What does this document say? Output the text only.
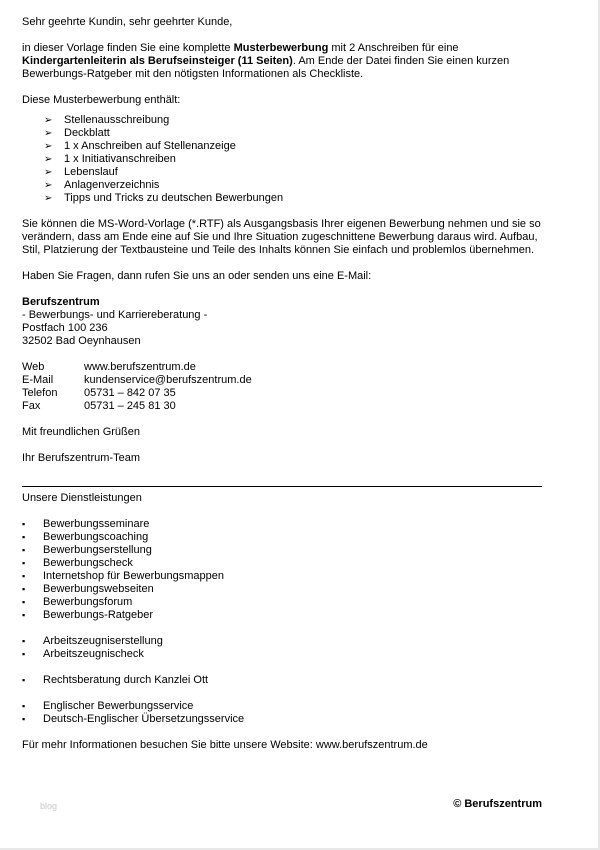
Sehr geehrte Kundin, sehr geehrter Kunde,

in dieser Vorlage finden Sie eine komplette Musterbewerbung mit 2 Anschreiben für eine Kindergartenleiterin als Berufseinsteiger (11 Seiten). Am Ende der Datei finden Sie einen kurzen Bewerbungs-Ratgeber mit den nötigsten Informationen als Checkliste.

Diese Musterbewerbung enthält:

➢ Stellenausschreibung
➢ Deckblatt
➢ 1 x Anschreiben auf Stellenanzeige
➢ 1 x Initiativanschreiben
➢ Lebenslauf
➢ Anlagenverzeichnis
➢ Tipps und Tricks zu deutschen Bewerbungen

Sie können die MS-Word-Vorlage (*.RTF) als Ausgangsbasis Ihrer eigenen Bewerbung nehmen und sie so verändern, dass am Ende eine auf Sie und Ihre Situation zugeschnittene Bewerbung daraus wird. Aufbau, Stil, Platzierung der Textbausteine und Teile des Inhalts können Sie einfach und problemlos übernehmen.

Haben Sie Fragen, dann rufen Sie uns an oder senden uns eine E-Mail:

Berufszentrum

- Bewerbungs- und Karriereberatung -

Postfach 100 236

32502 Bad Oeynhausen

Web	www.berufszentrum.de
E-Mail	kundenservice@berufszentrum.de
Telefon	05731 – 842 07 35
Fax	05731 – 245 81 30

Mit freundlichen Grüßen

Ihr Berufszentrum-Team

Unsere Dienstleistungen

▪ Bewerbungsseminare
▪ Bewerbungscoaching
▪ Bewerbungserstellung
▪ Bewerbungscheck
▪ Internetshop für Bewerbungsmappen
▪ Bewerbungswebseiten
▪ Bewerbungsforum
▪ Bewerbungs-Ratgeber
▪ Arbeitszeugniserstellung
▪ Arbeitszeugnischeck
▪ Rechtsberatung durch Kanzlei Ott
▪ Englischer Bewerbungsservice
▪ Deutsch-Englischer Übersetzungsservice

Für mehr Informationen besuchen Sie bitte unsere Website: www.berufszentrum.de

blog	© Berufszentrum
